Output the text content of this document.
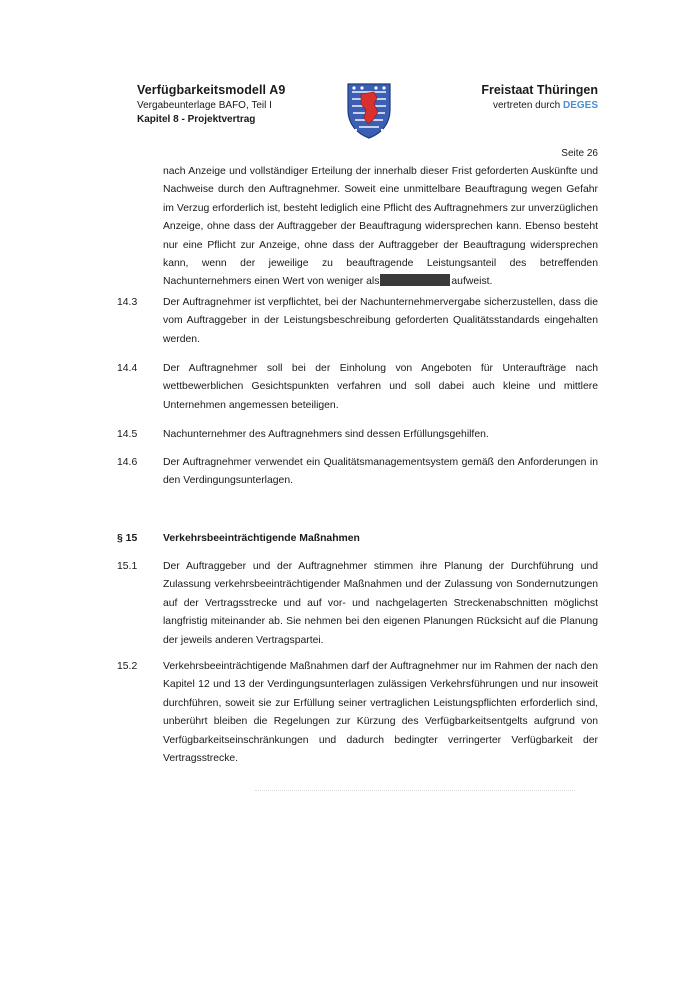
Verfügbarkeitsmodell A9
Vergabeunterlage BAFO, Teil I
Kapitel 8 - Projektvertrag
Freistaat Thüringen
vertreten durch DEGES
Seite 26
nach Anzeige und vollständiger Erteilung der innerhalb dieser Frist geforderten Auskünfte und Nachweise durch den Auftragnehmer. Soweit eine unmittelbare Beauftragung wegen Gefahr im Verzug erforderlich ist, besteht lediglich eine Pflicht des Auftragnehmers zur unverzüglichen Anzeige, ohne dass der Auftraggeber der Beauftragung widersprechen kann. Ebenso besteht nur eine Pflicht zur Anzeige, ohne dass der Auftraggeber der Beauftragung widersprechen kann, wenn der jeweilige zu beauftragende Leistungsanteil des betreffenden Nachunternehmers einen Wert von weniger als	aufweist.
14.3 Der Auftragnehmer ist verpflichtet, bei der Nachunternehmervergabe sicherzustellen, dass die vom Auftraggeber in der Leistungsbeschreibung geforderten Qualitätsstandards eingehalten werden.
14.4 Der Auftragnehmer soll bei der Einholung von Angeboten für Unteraufträge nach wettbewerblichen Gesichtspunkten verfahren und soll dabei auch kleine und mittlere Unternehmen angemessen beteiligen.
14.5 Nachunternehmer des Auftragnehmers sind dessen Erfüllungsgehilfen.
14.6 Der Auftragnehmer verwendet ein Qualitätsmanagementsystem gemäß den Anforderungen in den Verdingungsunterlagen.
§ 15 Verkehrsbeeinträchtigende Maßnahmen
15.1 Der Auftraggeber und der Auftragnehmer stimmen ihre Planung der Durchführung und Zulassung verkehrsbeeinträchtigender Maßnahmen und der Zulassung von Sondernutzungen auf der Vertragsstrecke und auf vor- und nachgelagerten Streckenabschnitten möglichst langfristig miteinander ab. Sie nehmen bei den eigenen Planungen Rücksicht auf die Planung der jeweils anderen Vertragspartei.
15.2 Verkehrsbeeinträchtigende Maßnahmen darf der Auftragnehmer nur im Rahmen der nach den Kapitel 12 und 13 der Verdingungsunterlagen zulässigen Verkehrsführungen und nur insoweit durchführen, soweit sie zur Erfüllung seiner vertraglichen Leistungspflichten erforderlich sind, unberührt bleiben die Regelungen zur Kürzung des Verfügbarkeitsentgelts aufgrund von Verfügbarkeitseinschränkungen und dadurch bedingter verringerter Verfügbarkeit der Vertragsstrecke.
